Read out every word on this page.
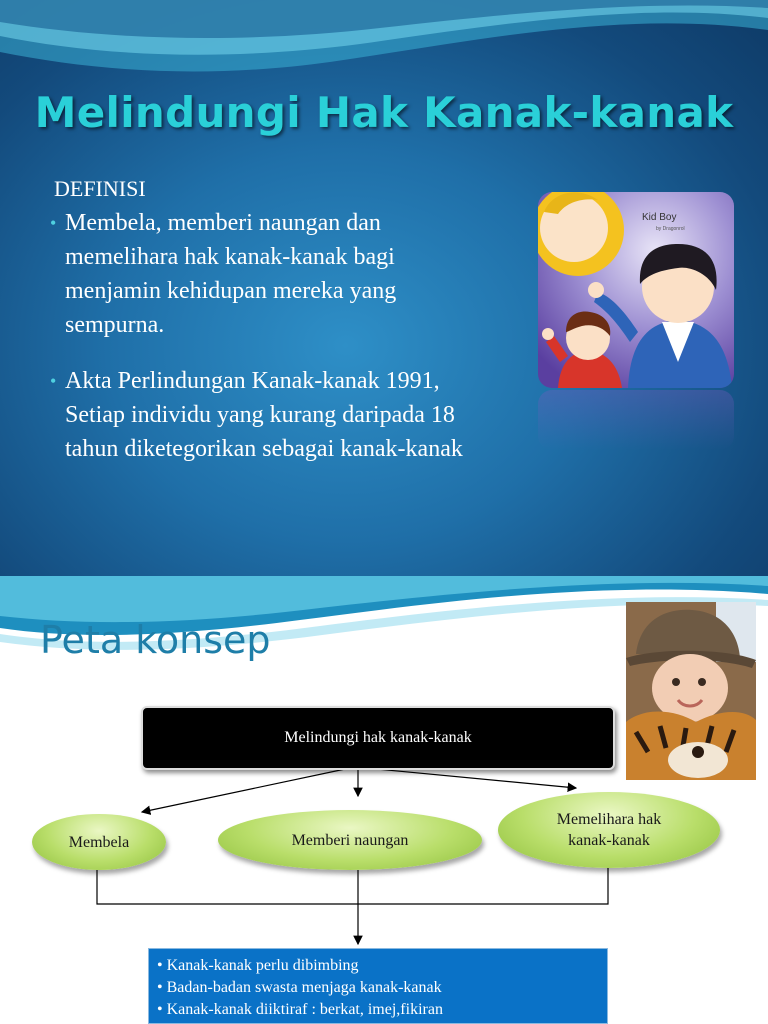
Melindungi Hak Kanak-kanak
DEFINISI
• Membela, memberi naungan dan
memelihara hak kanak-kanak bagi
menjamin kehidupan mereka yang
sempurna.
• Akta Perlindungan Kanak-kanak 1991,
Setiap individu yang kurang daripada 18
tahun diketegorikan sebagai kanak-kanak
Kid Boy
by Dragonrol
Peta konsep
Melindungi hak kanak-kanak
Membela	Memberi naungan
Memelihara hak
kanak-kanak
• Kanak-kanak perlu dibimbing
• Badan-badan swasta menjaga kanak-kanak
• Kanak-kanak diiktiraf : berkat, imej,fikiran
